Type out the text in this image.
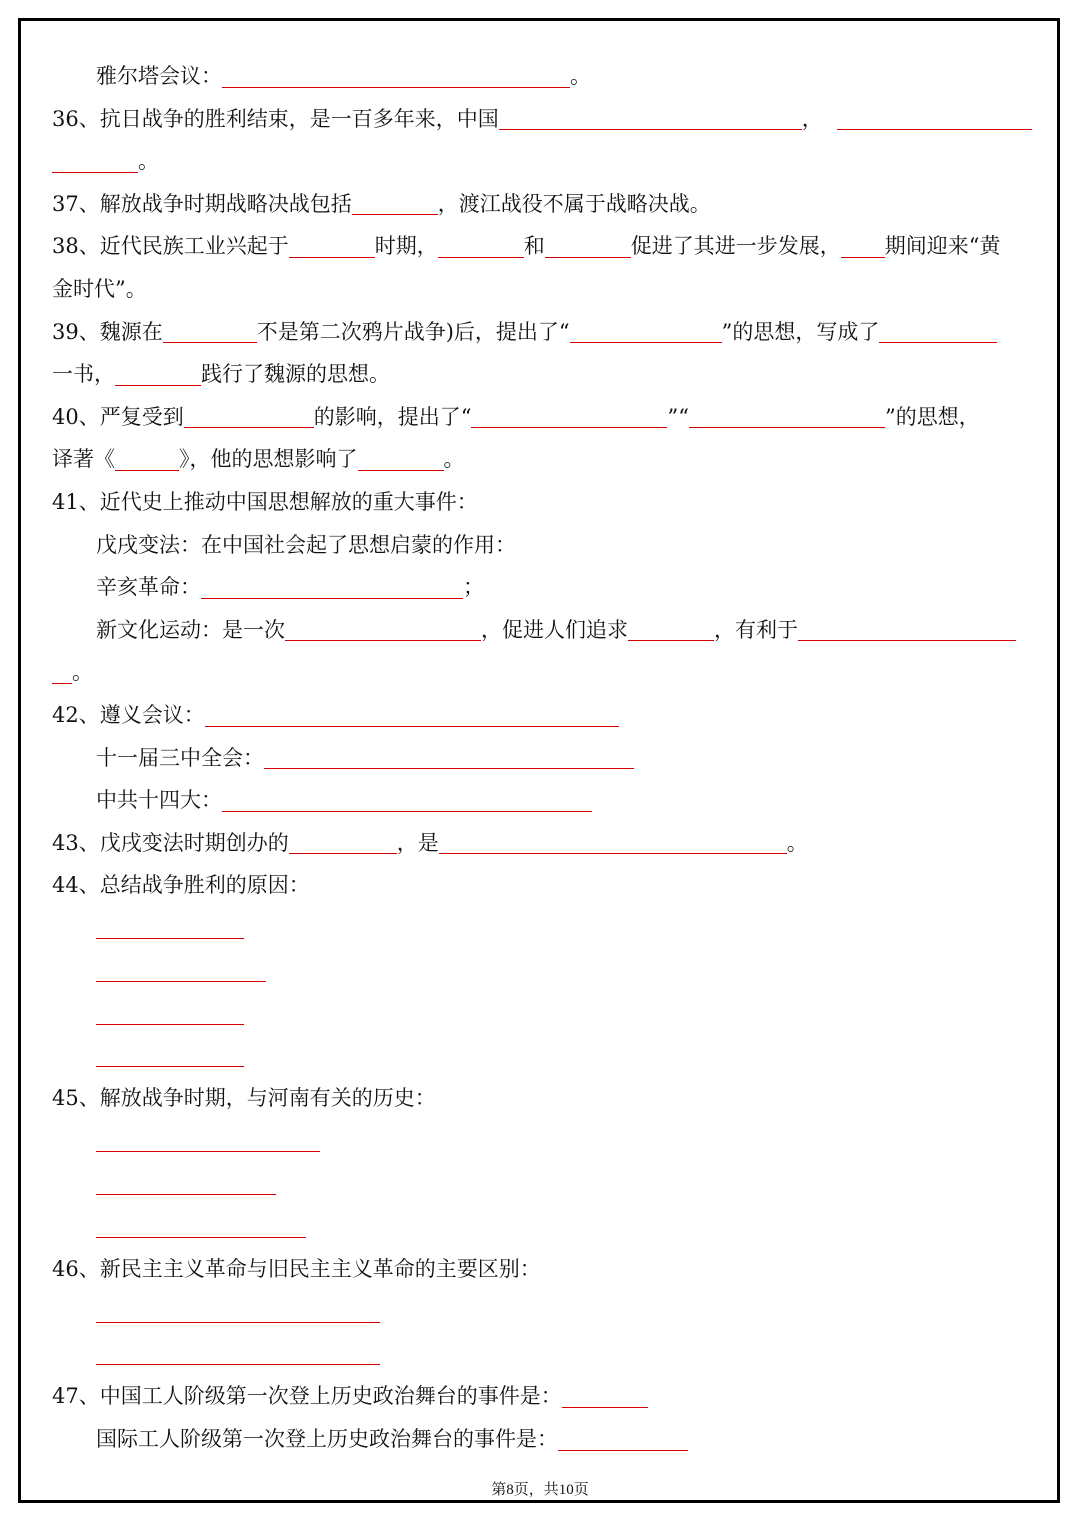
雅尔塔会议：	。
36、抗日战争的胜利结束，是一百多年来，中国	，
。
37、解放战争时期战略决战包括	，渡江战役不属于战略决战。
38、近代民族工业兴起于	时期，	和	促进了其进一步发展， 期间迎来“黄
金时代”。
39、魏源在	不是第二次鸦片战争)后，提出了“	”的思想，写成了
一书，	践行了魏源的思想。
40、严复受到	的影响，提出了“	”“	”的思想，
译著《	》，他的思想影响了	。
41、近代史上推动中国思想解放的重大事件：
戊戌变法：在中国社会起了思想启蒙的作用：
辛亥革命：	；
新文化运动：是一次	，促进人们追求	，有利于
。
42、遵义会议：
十一届三中全会：
中共十四大：
43、戊戌变法时期创办的	，是	。
44、总结战争胜利的原因：
45、解放战争时期，与河南有关的历史：
46、新民主主义革命与旧民主主义革命的主要区别：
47、中国工人阶级第一次登上历史政治舞台的事件是：
国际工人阶级第一次登上历史政治舞台的事件是：
第8页，共10页
